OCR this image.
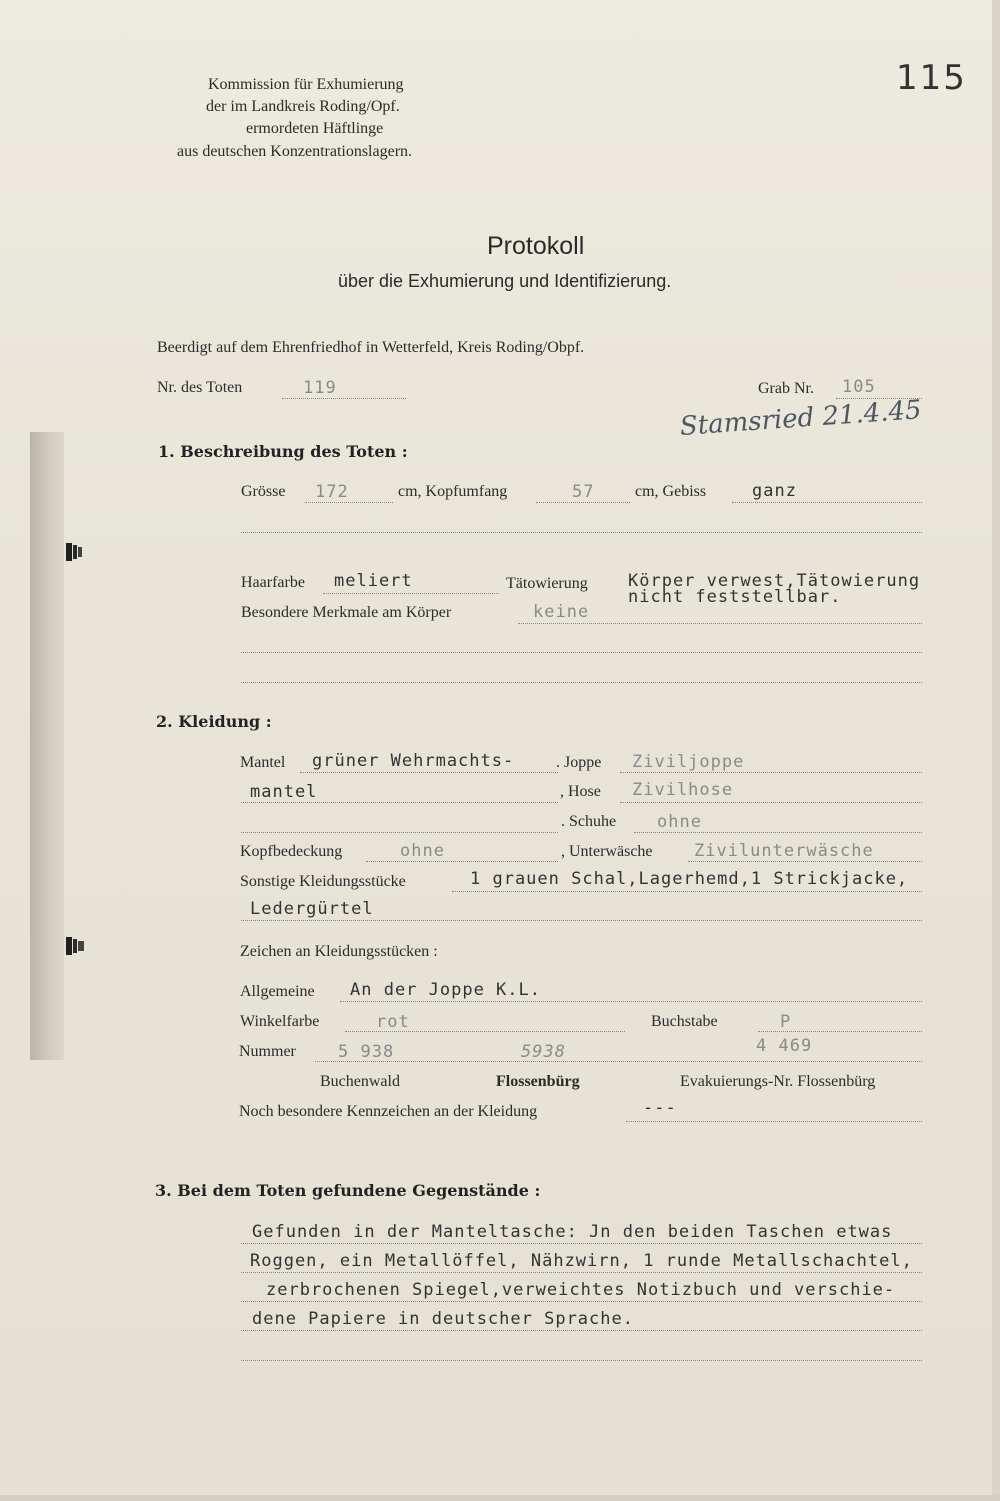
115
Kommission für Exhumierung
der im Landkreis Roding/Opf.
ermordeten Häftlinge
aus deutschen Konzentrationslagern.
Protokoll
über die Exhumierung und Identifizierung.
Beerdigt auf dem Ehrenfriedhof in Wetterfeld, Kreis Roding/Obpf.
Nr. des Toten	119	Grab Nr. 105
Stamsried 21.4.45
1. Beschreibung des Toten :
Grösse 172	cm, Kopfumfang	57	cm, Gebiss	ganz
Haarfarbe meliert	Tätowierung Körper verwest,Tätowierung
nicht feststellbar.
Besondere Merkmale am Körper	keine
2. Kleidung :
Mantel grüner Wehrmachts-	. Joppe Ziviljoppe
mantel	, Hose Zivilhose
. Schuhe ohne
Kopfbedeckung	ohne	, Unterwäsche Zivilunterwäsche
Sonstige Kleidungsstücke	1 grauen Schal,Lagerhemd,1 Strickjacke,
Ledergürtel
Zeichen an Kleidungsstücken :
Allgemeine An der Joppe K.L.
Winkelfarbe	rot	Buchstabe	P
Nummer 5 938	5938	4 469
Buchenwald	Flossenbürg	Evakuierungs-Nr. Flossenbürg
Noch besondere Kennzeichen an der Kleidung	---
3. Bei dem Toten gefundene Gegenstände :
Gefunden in der Manteltasche: Jn den beiden Taschen etwas
Roggen, ein Metallöffel, Nähzwirn, 1 runde Metallschachtel,
zerbrochenen Spiegel,verweichtes Notizbuch und verschie-
dene Papiere in deutscher Sprache.
